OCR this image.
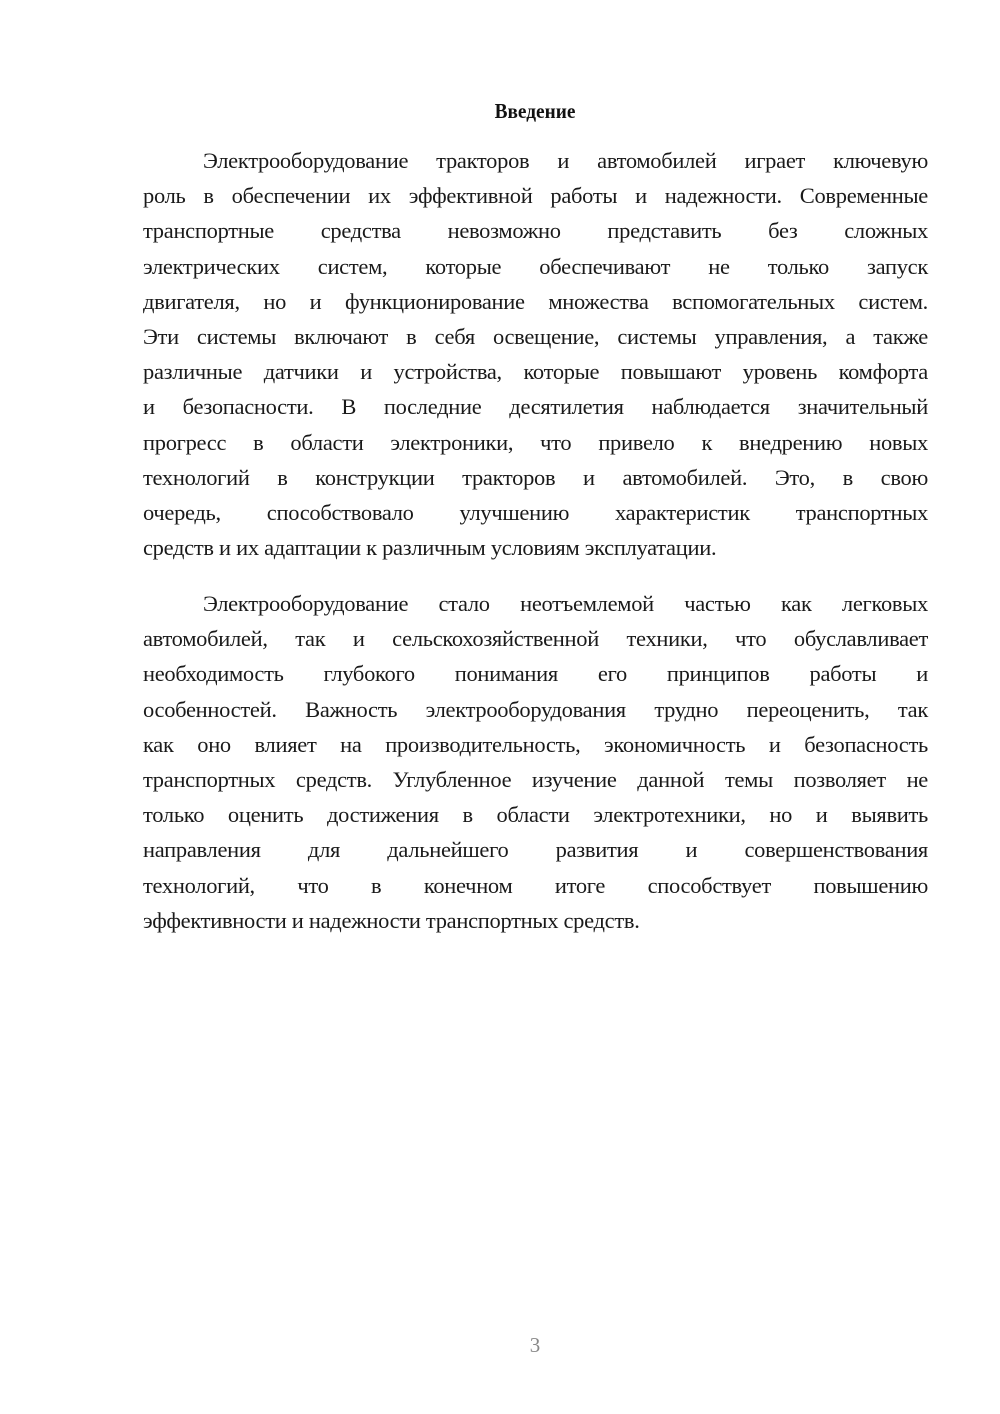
Введение
Электрооборудование тракторов и автомобилей играет ключевую
роль в обеспечении их эффективной работы и надежности. Современные
транспортные средства невозможно представить без сложных
электрических систем, которые обеспечивают не только запуск
двигателя, но и функционирование множества вспомогательных систем.
Эти системы включают в себя освещение, системы управления, а также
различные датчики и устройства, которые повышают уровень комфорта
и безопасности. В последние десятилетия наблюдается значительный
прогресс в области электроники, что привело к внедрению новых
технологий в конструкции тракторов и автомобилей. Это, в свою
очередь, способствовало улучшению характеристик транспортных
средств и их адаптации к различным условиям эксплуатации.
Электрооборудование стало неотъемлемой частью как легковых
автомобилей, так и сельскохозяйственной техники, что обуславливает
необходимость глубокого понимания его принципов работы и
особенностей. Важность электрооборудования трудно переоценить, так
как оно влияет на производительность, экономичность и безопасность
транспортных средств. Углубленное изучение данной темы позволяет не
только оценить достижения в области электротехники, но и выявить
направления для дальнейшего развития и совершенствования
технологий, что в конечном итоге способствует повышению
эффективности и надежности транспортных средств.
3
